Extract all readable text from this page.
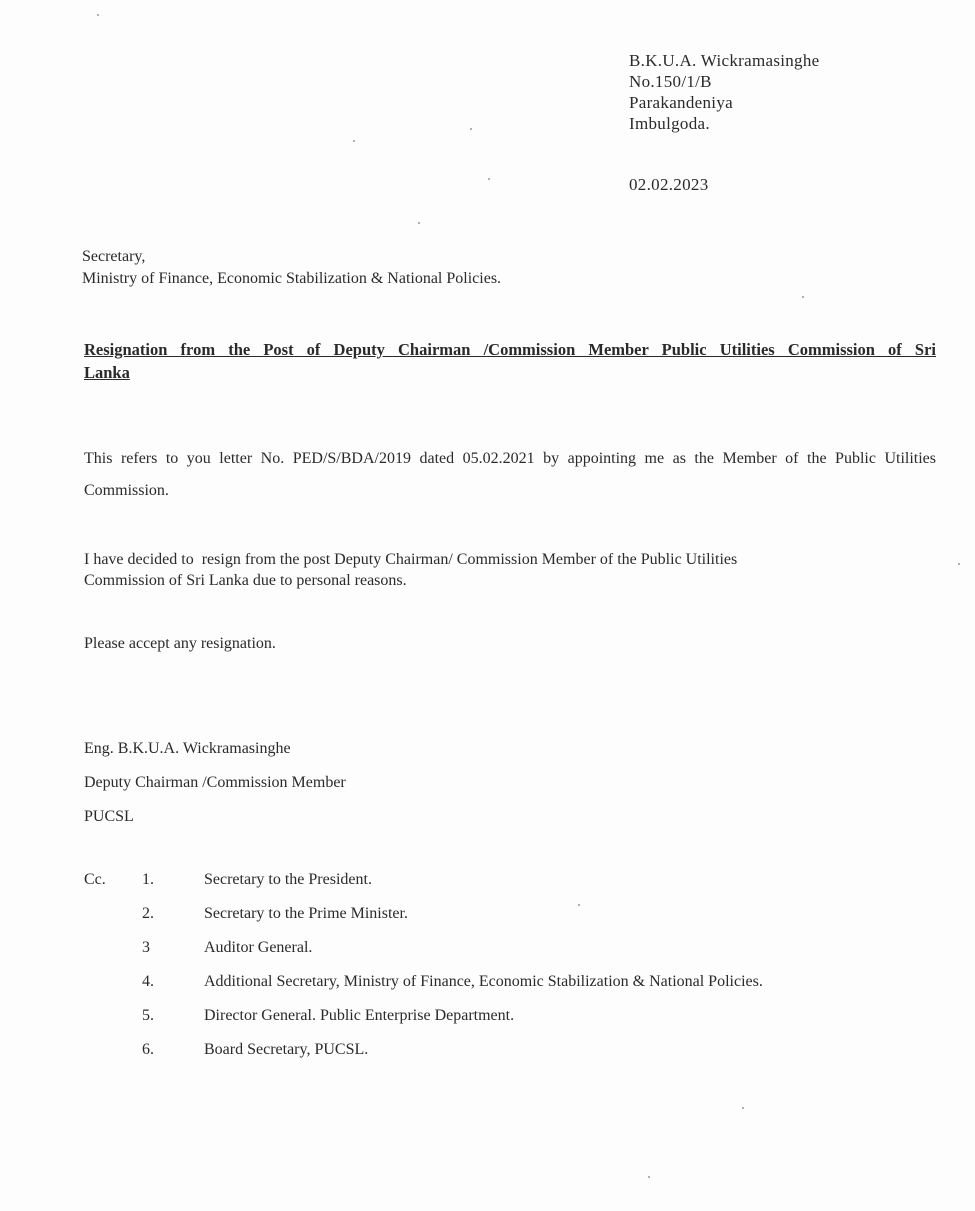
B.K.U.A. Wickramasinghe
No.150/1/B
Parakandeniya
Imbulgoda.
02.02.2023
Secretary,
Ministry of Finance, Economic Stabilization & National Policies.
Resignation from the Post of Deputy Chairman /Commission Member Public Utilities Commission of Sri Lanka
This refers to you letter No. PED/S/BDA/2019 dated 05.02.2021 by appointing me as the Member of the Public Utilities Commission.
I have decided to  resign from the post Deputy Chairman/ Commission Member of the Public Utilities
Commission of Sri Lanka due to personal reasons.
Please accept any resignation.
Eng. B.K.U.A. Wickramasinghe
Deputy Chairman /Commission Member
PUCSL
Cc. 1.	Secretary to the President.
2.	Secretary to the Prime Minister.
3	Auditor General.
4.	Additional Secretary, Ministry of Finance, Economic Stabilization & National Policies.
5.	Director General. Public Enterprise Department.
6.	Board Secretary, PUCSL.
